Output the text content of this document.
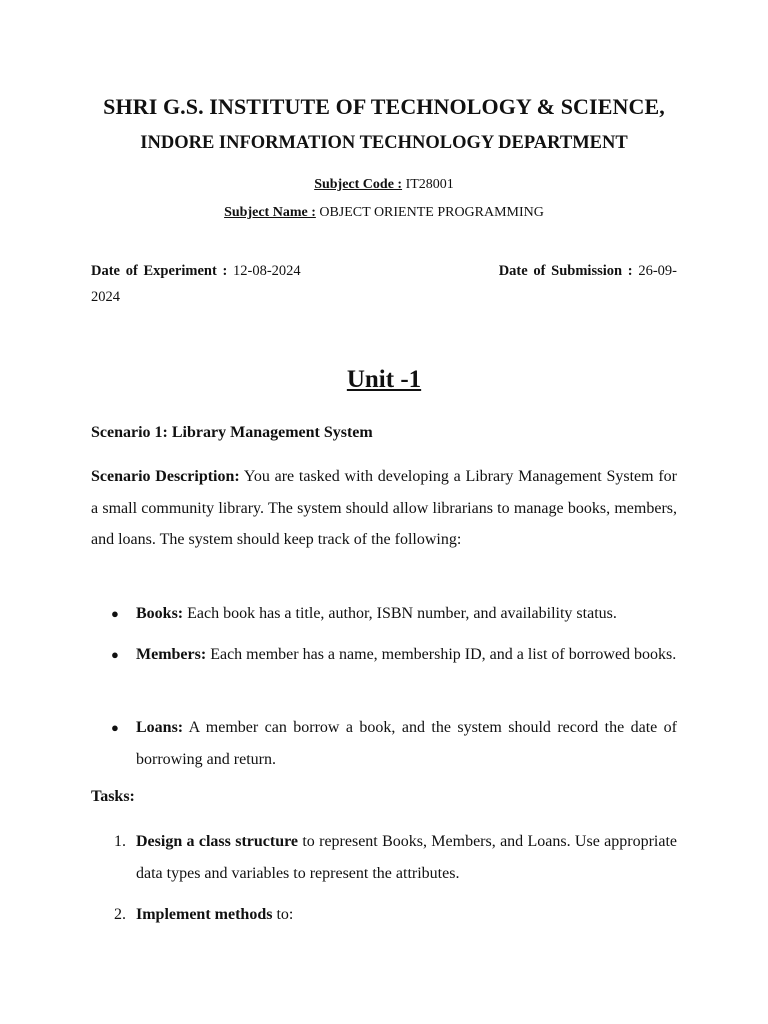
SHRI G.S. INSTITUTE OF TECHNOLOGY & SCIENCE,
INDORE INFORMATION TECHNOLOGY DEPARTMENT
Subject Code : IT28001
Subject Name : OBJECT ORIENTE PROGRAMMING
Date of Experiment : 12-08-2024	Date of Submission : 26-09-2024
Unit -1
Scenario 1: Library Management System
Scenario Description: You are tasked with developing a Library Management System for a small community library. The system should allow librarians to manage books, members, and loans. The system should keep track of the following:
● Books: Each book has a title, author, ISBN number, and availability status.
● Members: Each member has a name, membership ID, and a list of borrowed books.
● Loans: A member can borrow a book, and the system should record the date of borrowing and return.
Tasks:
1. Design a class structure to represent Books, Members, and Loans. Use appropriate data types and variables to represent the attributes.
2. Implement methods to:
